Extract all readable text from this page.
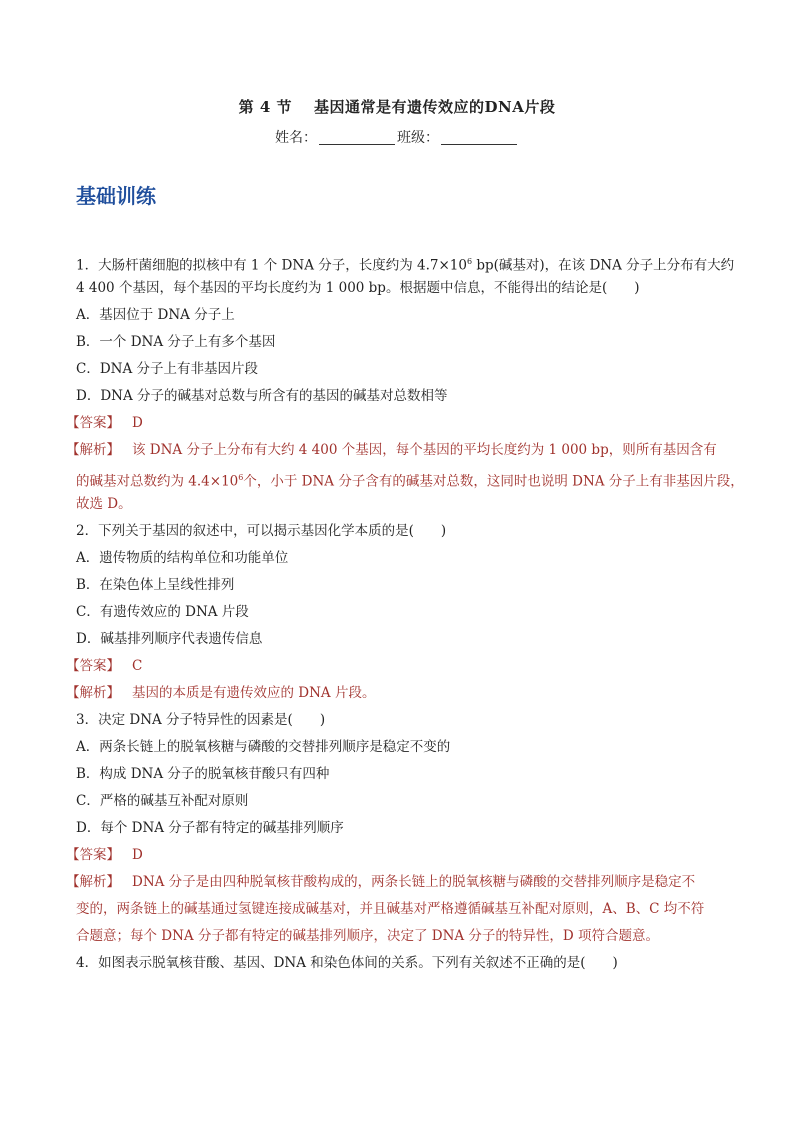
第 4 节 基因通常是有遗传效应的DNA片段
姓名：	班级：
基础训练
1．大肠杆菌细胞的拟核中有 1 个 DNA 分子，长度约为 $4.7\times 10^6$ bp(碱基对)，在该 DNA 分子上分布有大约
4 400 个基因，每个基因的平均长度约为 1 000 bp。根据题中信息，不能得出的结论是(　　)
A．基因位于 DNA 分子上
B．一个 DNA 分子上有多个基因
C．DNA 分子上有非基因片段
D．DNA 分子的碱基对总数与所含有的基因的碱基对总数相等
【答案】 D
【解析】 该 DNA 分子上分布有大约 4 400 个基因，每个基因的平均长度约为 1 000 bp，则所有基因含有
的碱基对总数约为 $4.4\times 10^6$个，小于 DNA 分子含有的碱基对总数，这同时也说明 DNA 分子上有非基因片段，
故选 D。
2．下列关于基因的叙述中，可以揭示基因化学本质的是(　　)
A．遗传物质的结构单位和功能单位
B．在染色体上呈线性排列
C．有遗传效应的 DNA 片段
D．碱基排列顺序代表遗传信息
【答案】 C
【解析】 基因的本质是有遗传效应的 DNA 片段。
3．决定 DNA 分子特异性的因素是(　　)
A．两条长链上的脱氧核糖与磷酸的交替排列顺序是稳定不变的
B．构成 DNA 分子的脱氧核苷酸只有四种
C．严格的碱基互补配对原则
D．每个 DNA 分子都有特定的碱基排列顺序
【答案】 D
【解析】 DNA 分子是由四种脱氧核苷酸构成的，两条长链上的脱氧核糖与磷酸的交替排列顺序是稳定不
变的，两条链上的碱基通过氢键连接成碱基对，并且碱基对严格遵循碱基互补配对原则，A、B、C 均不符
合题意；每个 DNA 分子都有特定的碱基排列顺序，决定了 DNA 分子的特异性，D 项符合题意。
4．如图表示脱氧核苷酸、基因、DNA 和染色体间的关系。下列有关叙述不正确的是(　　)
